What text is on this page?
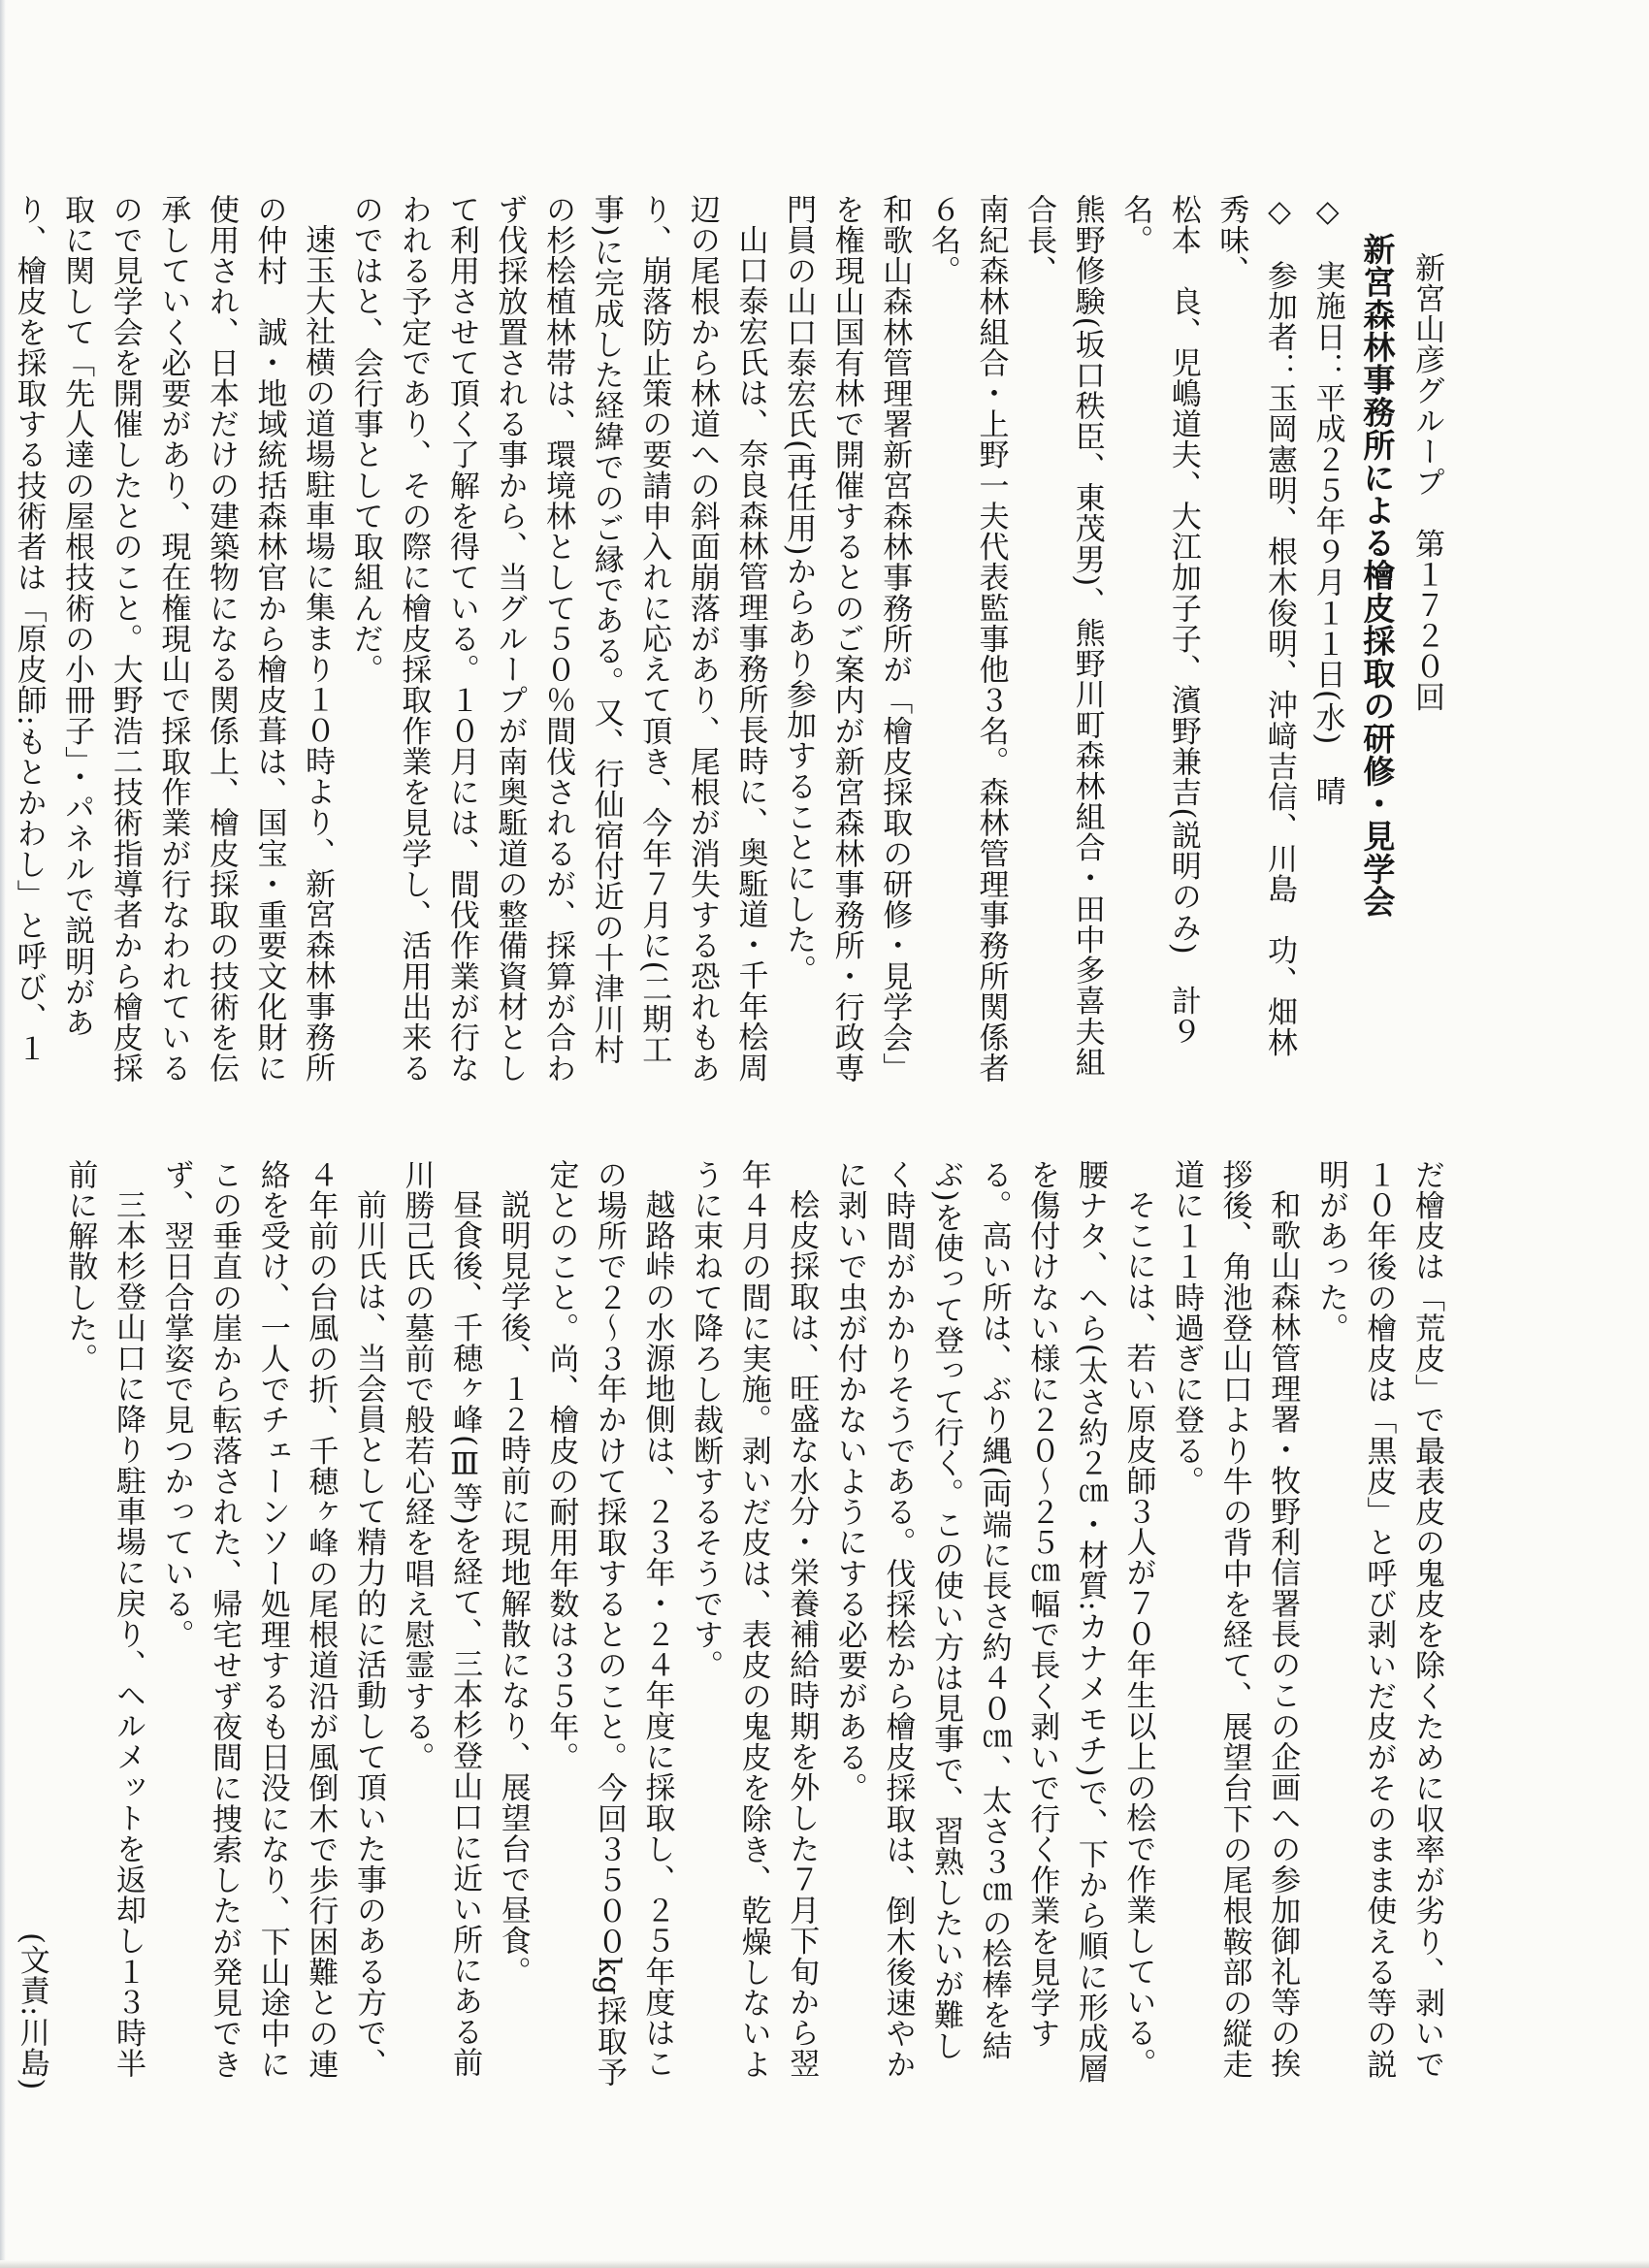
新宮山彦グループ　第１７２０回
新宮森林事務所による檜皮採取の研修・見学会
◇　実施日：平成２５年９月１１日(水)　晴
◇　参加者：玉岡憲明、根木俊明、沖﨑吉信、川島　功、畑林秀味、
松本　良、児嶋道夫、大江加子子、濱野兼吉(説明のみ)　計９名。
熊野修験(坂口秩臣、東茂男)、熊野川町森林組合・田中多喜夫組合長、
南紀森林組合・上野一夫代表監事他３名。森林管理事務所関係者６名。

和歌山森林管理署新宮森林事務所が「檜皮採取の研修・見学会」を権現山国有林で開催するとのご案内が新宮森林事務所・行政専門員の山口泰宏氏(再任用)からあり参加することにした。

山口泰宏氏は、奈良森林管理事務所長時に、奥駈道・千年桧周辺の尾根から林道への斜面崩落があり、尾根が消失する恐れもあり、崩落防止策の要請申入れに応えて頂き、今年７月に(二期工事)に完成した経緯でのご縁である。又、行仙宿付近の十津川村の杉桧植林帯は、環境林として５０％間伐されるが、採算が合わず伐採放置される事から、当グループが南奥駈道の整備資材として利用させて頂く了解を得ている。１０月には、間伐作業が行なわれる予定であり、その際に檜皮採取作業を見学し、活用出来るのではと、会行事として取組んだ。

速玉大社横の道場駐車場に集まり１０時より、新宮森林事務所の仲村　誠・地域統括森林官から檜皮葺は、国宝・重要文化財に使用され、日本だけの建築物になる関係上、檜皮採取の技術を伝承していく必要があり、現在権現山で採取作業が行なわれているので見学会を開催したとのこと。大野浩二技術指導者から檜皮採取に関して「先人達の屋根技術の小冊子」・パネルで説明があり、檜皮を採取する技術者は「原皮師:もとかわし」と呼び、１

だ檜皮は「荒皮」で最表皮の鬼皮を除くために収率が劣り、剥いで１０年後の檜皮は「黒皮」と呼び剥いだ皮がそのまま使える等の説明があった。

和歌山森林管理署・牧野利信署長のこの企画への参加御礼等の挨拶後、角池登山口より牛の背中を経て、展望台下の尾根鞍部の縦走道に１１時過ぎに登る。

そこには、若い原皮師３人が７０年生以上の桧で作業している。腰ナタ、へら(太さ約２㎝・材質:カナメモチ)で、下から順に形成層を傷付けない様に２０～２５㎝幅で長く剥いで行く作業を見学する。高い所は、ぶり縄(両端に長さ約４０㎝、太さ３㎝の桧棒を結ぶ)を使って登って行く。この使い方は見事で、習熟したいが難しく時間がかかりそうである。伐採桧から檜皮採取は、倒木後速やかに剥いで虫が付かないようにする必要がある。

桧皮採取は、旺盛な水分・栄養補給時期を外した７月下旬から翌年４月の間に実施。剥いだ皮は、表皮の鬼皮を除き、乾燥しないように束ねて降ろし裁断するそうです。

越路峠の水源地側は、２３年・２４年度に採取し、２５年度はこの場所で２～３年かけて採取するとのこと。今回３５００kg採取予定とのこと。尚、檜皮の耐用年数は３５年。

説明見学後、１２時前に現地解散になり、展望台で昼食。

昼食後、千穂ヶ峰(Ⅲ等)を経て、三本杉登山口に近い所にある前川勝己氏の墓前で般若心経を唱え慰霊する。

前川氏は、当会員として精力的に活動して頂いた事のある方で、４年前の台風の折、千穂ヶ峰の尾根道沿が風倒木で歩行困難との連絡を受け、一人でチェーンソー処理するも日没になり、下山途中にこの垂直の崖から転落された、帰宅せず夜間に捜索したが発見できず、翌日合掌姿で見つかっている。

三本杉登山口に降り駐車場に戻り、ヘルメットを返却し１３時半前に解散した。

(文責:川島)
